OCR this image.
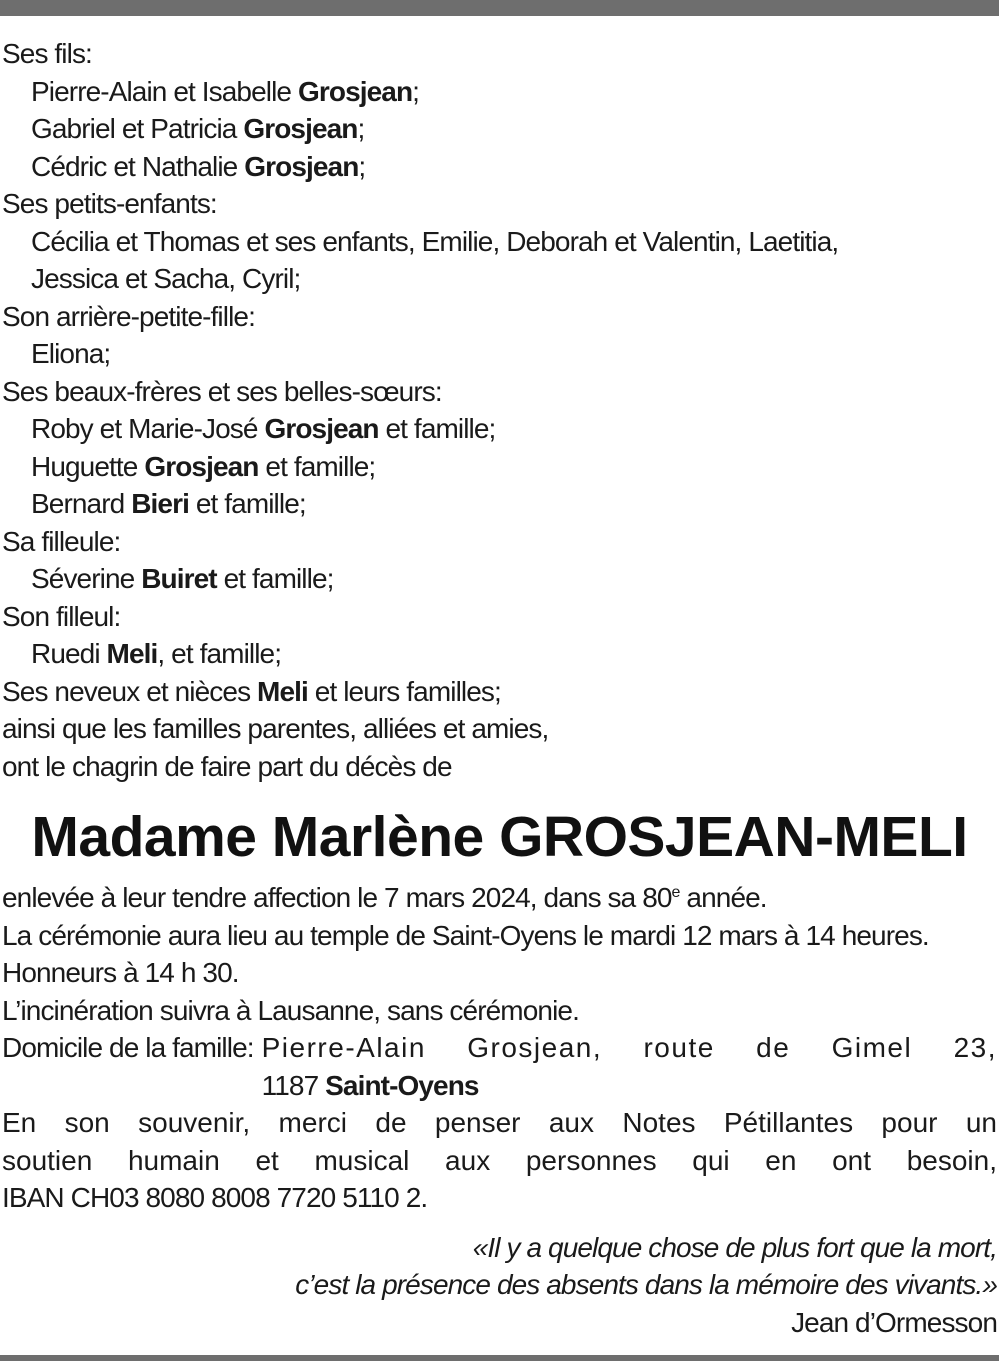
Ses fils:
Pierre-Alain et Isabelle Grosjean;
Gabriel et Patricia Grosjean;
Cédric et Nathalie Grosjean;
Ses petits-enfants:
Cécilia et Thomas et ses enfants, Emilie, Deborah et Valentin, Laetitia,
Jessica et Sacha, Cyril;
Son arrière-petite-fille:
Eliona;
Ses beaux-frères et ses belles-sœurs:
Roby et Marie-José Grosjean et famille;
Huguette Grosjean et famille;
Bernard Bieri et famille;
Sa filleule:
Séverine Buiret et famille;
Son filleul:
Ruedi Meli, et famille;
Ses neveux et nièces Meli et leurs familles;
ainsi que les familles parentes, alliées et amies,
ont le chagrin de faire part du décès de
Madame Marlène GROSJEAN-MELI
enlevée à leur tendre affection le 7 mars 2024, dans sa 80e année.
La cérémonie aura lieu au temple de Saint-Oyens le mardi 12 mars à 14 heures.
Honneurs à 14 h 30.
L’incinération suivra à Lausanne, sans cérémonie.
Domicile de la famille: Pierre-Alain Grosjean, route de Gimel 23,
1187 Saint-Oyens
En son souvenir, merci de penser aux Notes Pétillantes pour un
soutien humain et musical aux personnes qui en ont besoin,
IBAN CH03 8080 8008 7720 5110 2.
«Il y a quelque chose de plus fort que la mort,
c’est la présence des absents dans la mémoire des vivants.»
Jean d’Ormesson
